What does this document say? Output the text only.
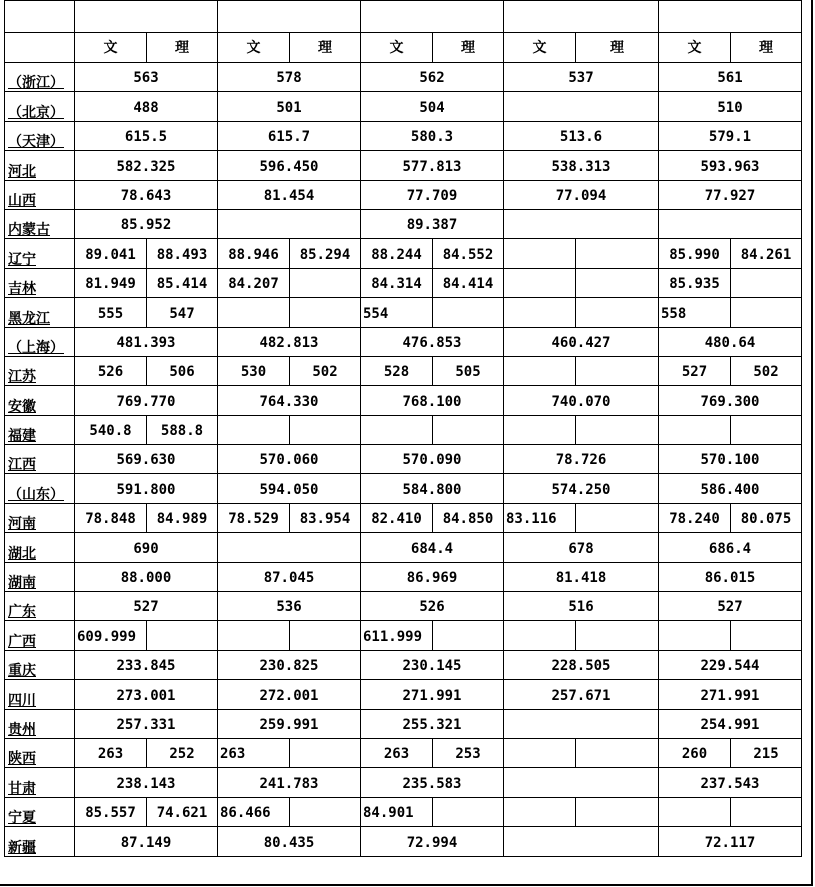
	文	理	文	理	文	理	文	理	文	理
（浙江）	563		578		562		537		561	
（北京）	488		501		504				510	
（天津）	615.5		615.7		580.3		513.6		579.1	
河北	582.325		596.450		577.813		538.313		593.963	
山西	78.643		81.454		77.709		77.094		77.927	
内蒙古	85.952				89.387					
辽宁	89.041	88.493	88.946	85.294	88.244	84.552			85.990	84.261
吉林	81.949	85.414	84.207		84.314	84.414			85.935	
黑龙江	555	547			554				558	
（上海）	481.393		482.813		476.853		460.427		480.64	
江苏	526	506	530	502	528	505			527	502
安徽	769.770		764.330		768.100		740.070		769.300	
福建	540.8	588.8								
江西	569.630		570.060		570.090		78.726		570.100	
（山东）	591.800		594.050		584.800		574.250		586.400	
河南	78.848	84.989	78.529	83.954	82.410	84.850	83.116		78.240	80.075
湖北	690				684.4		678		686.4	
湖南	88.000		87.045		86.969		81.418		86.015	
广东	527		536		526		516		527	
广西	609.999				611.999					
重庆	233.845		230.825		230.145		228.505		229.544	
四川	273.001		272.001		271.991		257.671		271.991	
贵州	257.331		259.991		255.321				254.991	
陕西	263	252	263		263	253			260	215
甘肃	238.143		241.783		235.583				237.543	
宁夏	85.557	74.621	86.466		84.901					
新疆	87.149		80.435		72.994				72.117	
